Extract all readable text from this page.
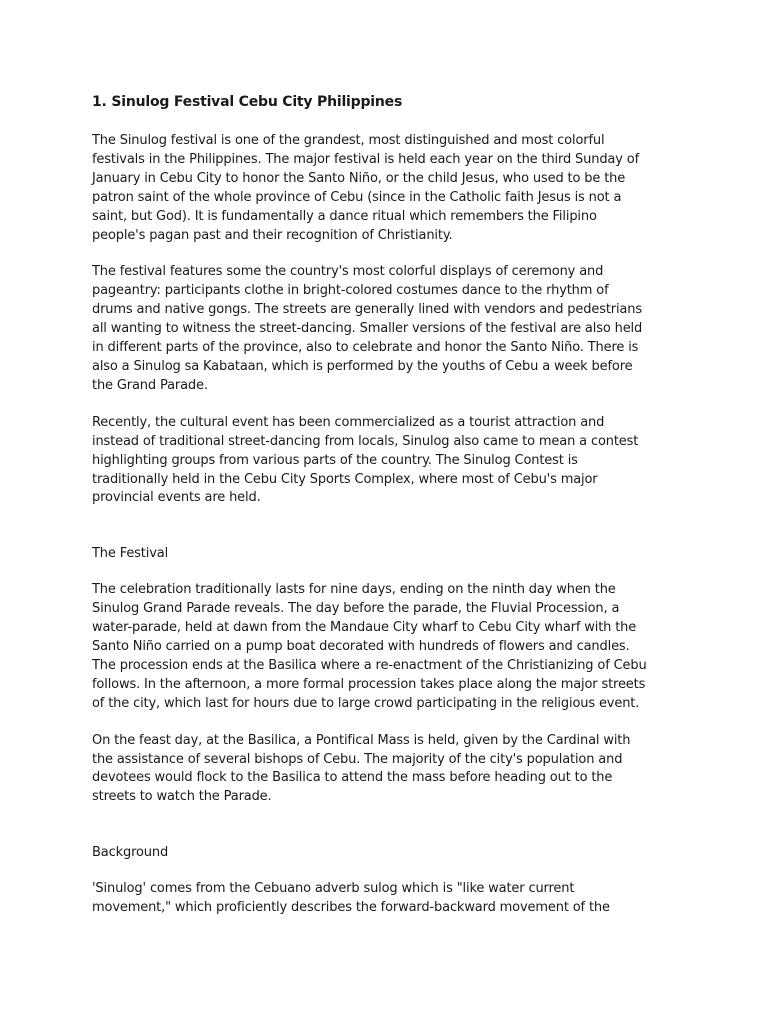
1. Sinulog Festival Cebu City Philippines
The Sinulog festival is one of the grandest, most distinguished and most colorful
festivals in the Philippines. The major festival is held each year on the third Sunday of
January in Cebu City to honor the Santo Niño, or the child Jesus, who used to be the
patron saint of the whole province of Cebu (since in the Catholic faith Jesus is not a
saint, but God). It is fundamentally a dance ritual which remembers the Filipino
people's pagan past and their recognition of Christianity.
The festival features some the country's most colorful displays of ceremony and
pageantry: participants clothe in bright-colored costumes dance to the rhythm of
drums and native gongs. The streets are generally lined with vendors and pedestrians
all wanting to witness the street-dancing. Smaller versions of the festival are also held
in different parts of the province, also to celebrate and honor the Santo Niño. There is
also a Sinulog sa Kabataan, which is performed by the youths of Cebu a week before
the Grand Parade.
Recently, the cultural event has been commercialized as a tourist attraction and
instead of traditional street-dancing from locals, Sinulog also came to mean a contest
highlighting groups from various parts of the country. The Sinulog Contest is
traditionally held in the Cebu City Sports Complex, where most of Cebu's major
provincial events are held.
The Festival
The celebration traditionally lasts for nine days, ending on the ninth day when the
Sinulog Grand Parade reveals. The day before the parade, the Fluvial Procession, a
water-parade, held at dawn from the Mandaue City wharf to Cebu City wharf with the
Santo Niño carried on a pump boat decorated with hundreds of flowers and candles.
The procession ends at the Basilica where a re-enactment of the Christianizing of Cebu
follows. In the afternoon, a more formal procession takes place along the major streets
of the city, which last for hours due to large crowd participating in the religious event.
On the feast day, at the Basilica, a Pontifical Mass is held, given by the Cardinal with
the assistance of several bishops of Cebu. The majority of the city's population and
devotees would flock to the Basilica to attend the mass before heading out to the
streets to watch the Parade.
Background
'Sinulog' comes from the Cebuano adverb sulog which is "like water current
movement," which proficiently describes the forward-backward movement of the
